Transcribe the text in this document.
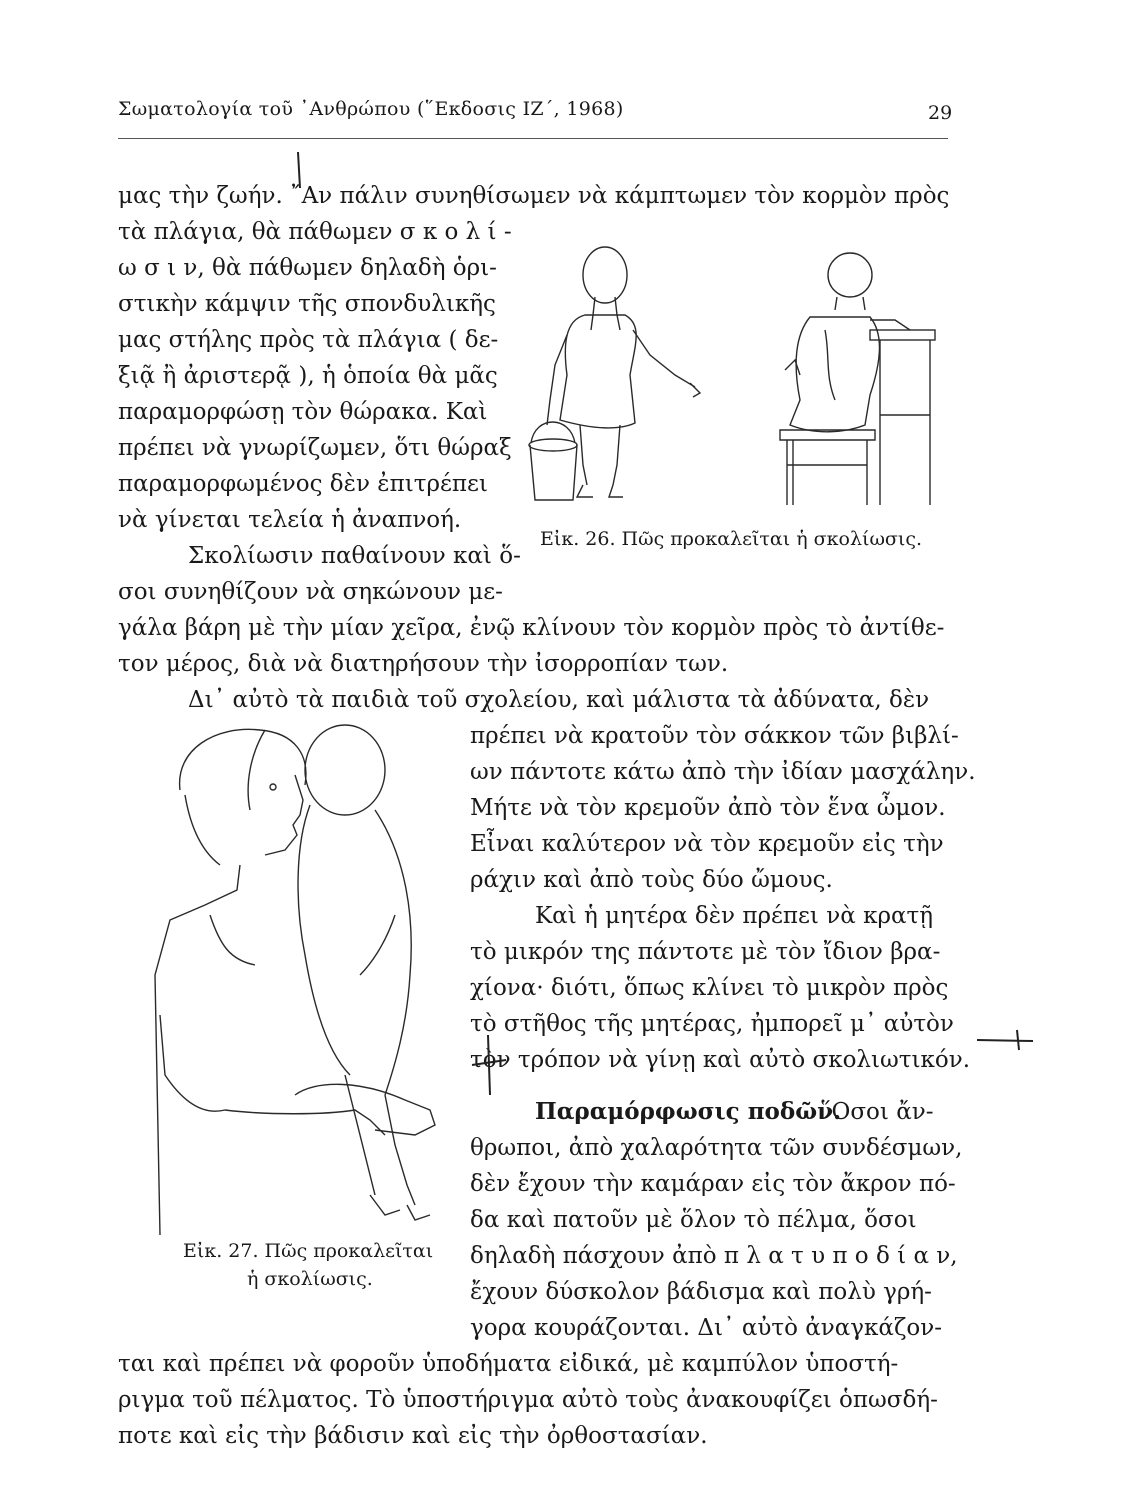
Σωματολογία τοῦ ᾿Ανθρώπου (῞Εκδοσις ΙΖ΄, 1968)	29
μας τὴν ζωήν. ῎Αν πάλιν συνηθίσωμεν νὰ κάμπτωμεν τὸν κορμὸν πρὸς
τὰ πλάγια, θὰ πάθωμεν σ κ ο λ ί -
ω σ ι ν, θὰ πάθωμεν δηλαδὴ ὁρι-
στικὴν κάμψιν τῆς σπονδυλικῆς
μας στήλης πρὸς τὰ πλάγια ( δε-
ξιᾷ ἢ ἀριστερᾷ ), ἡ ὁποία θὰ μᾶς
παραμορφώσῃ τὸν θώρακα. Καὶ
πρέπει νὰ γνωρίζωμεν, ὅτι θώραξ
παραμορφωμένος δὲν ἐπιτρέπει
νὰ γίνεται τελεία ἡ ἀναπνοή.
Σκολίωσιν παθαίνουν καὶ ὅ-
σοι συνηθίζουν νὰ σηκώνουν με-
γάλα βάρη μὲ τὴν μίαν χεῖρα, ἐνῷ κλίνουν τὸν κορμὸν πρὸς τὸ ἀντίθε-
τον μέρος, διὰ νὰ διατηρήσουν τὴν ἰσορροπίαν των.
Δι᾿ αὐτὸ τὰ παιδιὰ τοῦ σχολείου, καὶ μάλιστα τὰ ἀδύνατα, δὲν
πρέπει νὰ κρατοῦν τὸν σάκκον τῶν βιβλί-
ων πάντοτε κάτω ἀπὸ τὴν ἰδίαν μασχάλην.
Μήτε νὰ τὸν κρεμοῦν ἀπὸ τὸν ἕνα ὦμον.
Εἶναι καλύτερον νὰ τὸν κρεμοῦν εἰς τὴν
ράχιν καὶ ἀπὸ τοὺς δύο ὤμους.
Καὶ ἡ μητέρα δὲν πρέπει νὰ κρατῇ
τὸ μικρόν της πάντοτε μὲ τὸν ἴδιον βρα-
χίονα· διότι, ὅπως κλίνει τὸ μικρὸν πρὸς
τὸ στῆθος τῆς μητέρας, ἠμπορεῖ μ᾿ αὐτὸν
τὸν τρόπον νὰ γίνῃ καὶ αὐτὸ σκολιωτικόν.
Παραμόρφωσις ποδῶν.
῞Οσοι ἄν-
θρωποι, ἀπὸ χαλαρότητα τῶν συνδέσμων,
δὲν ἔχουν τὴν καμάραν εἰς τὸν ἄκρον πό-
δα καὶ πατοῦν μὲ ὅλον τὸ πέλμα, ὅσοι
δηλαδὴ πάσχουν ἀπὸ π λ α τ υ π ο δ ί α ν,
ἔχουν δύσκολον βάδισμα καὶ πολὺ γρή-
γορα κουράζονται. Δι᾿ αὐτὸ ἀναγκάζον-
ται καὶ πρέπει νὰ φοροῦν ὑποδήματα εἰδικά, μὲ καμπύλον ὑποστή-
ριγμα τοῦ πέλματος. Τὸ ὑποστήριγμα αὐτὸ τοὺς ἀνακουφίζει ὁπωσδή-
ποτε καὶ εἰς τὴν βάδισιν καὶ εἰς τὴν ὀρθοστασίαν.
Εἰκ. 26. Πῶς προκαλεῖται ἡ σκολίωσις.
Εἰκ. 27. Πῶς προκαλεῖται
ἡ σκολίωσις.
